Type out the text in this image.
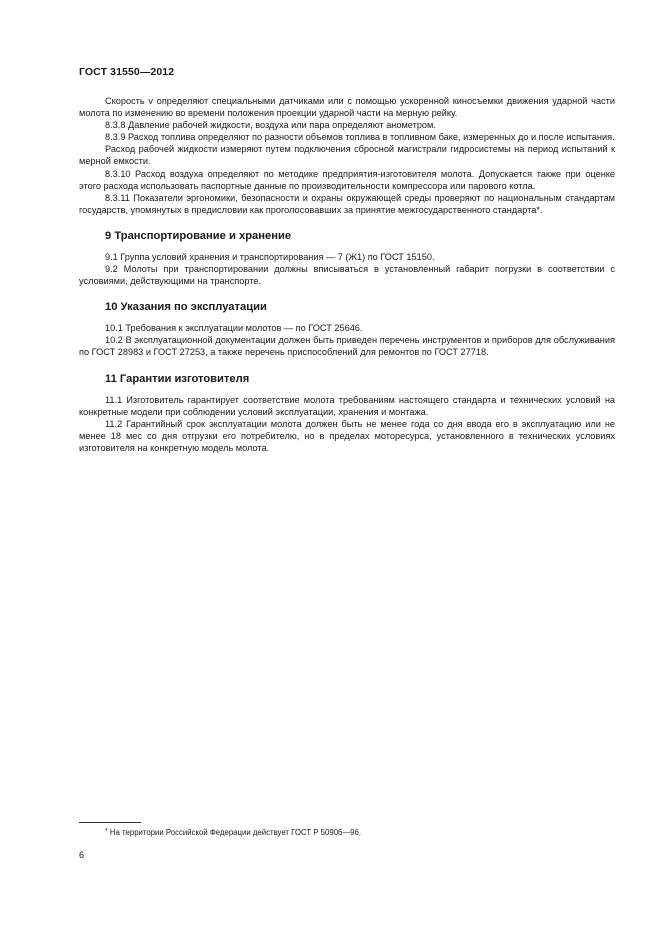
ГОСТ 31550—2012

Скорость v определяют специальными датчиками или с помощью ускоренной киносъемки движения ударной части молота по изменению во времени положения проекции ударной части на мерную рейку.

8.3.8 Давление рабочей жидкости, воздуха или пара определяют анометром.

8.3.9 Расход топлива определяют по разности объемов топлива в топливном баке, измеренных до и после испытания.

Расход рабочей жидкости измеряют путем подключения сбросной магистрали гидросистемы на период испытаний к мерной емкости.

8.3.10 Расход воздуха определяют по методике предприятия-изготовителя молота. Допускается также при оценке этого расхода использовать паспортные данные по производительности компрессора или парового котла.

8.3.11 Показатели эргономики, безопасности и охраны окружающей среды проверяют по национальным стандартам государств, упомянутых в предисловии как проголосовавших за принятие межгосударственного стандарта*.

9 Транспортирование и хранение

9.1 Группа условий хранения и транспортирования — 7 (Ж1) по ГОСТ 15150.

9.2 Молоты при транспортировании должны вписываться в установленный габарит погрузки в соответствии с условиями, действующими на транспорте.

10 Указания по эксплуатации

10.1 Требования к эксплуатации молотов — по ГОСТ 25646.

10.2 В эксплуатационной документации должен быть приведен перечень инструментов и приборов для обслуживания по ГОСТ 28983 и ГОСТ 27253, а также перечень приспособлений для ремонтов по ГОСТ 27718.

11 Гарантии изготовителя

11.1 Изготовитель гарантирует соответствие молота требованиям настоящего стандарта и технических условий на конкретные модели при соблюдении условий эксплуатации, хранения и монтажа.

11.2 Гарантийный срок эксплуатации молота должен быть не менее года со дня ввода его в эксплуатацию или не менее 18 мес со дня отгрузки его потребителю, но в пределах моторесурса, установленного в технических условиях изготовителя на конкретную модель молота.

* На территории Российской Федерации действует ГОСТ Р 50906—96.
6
